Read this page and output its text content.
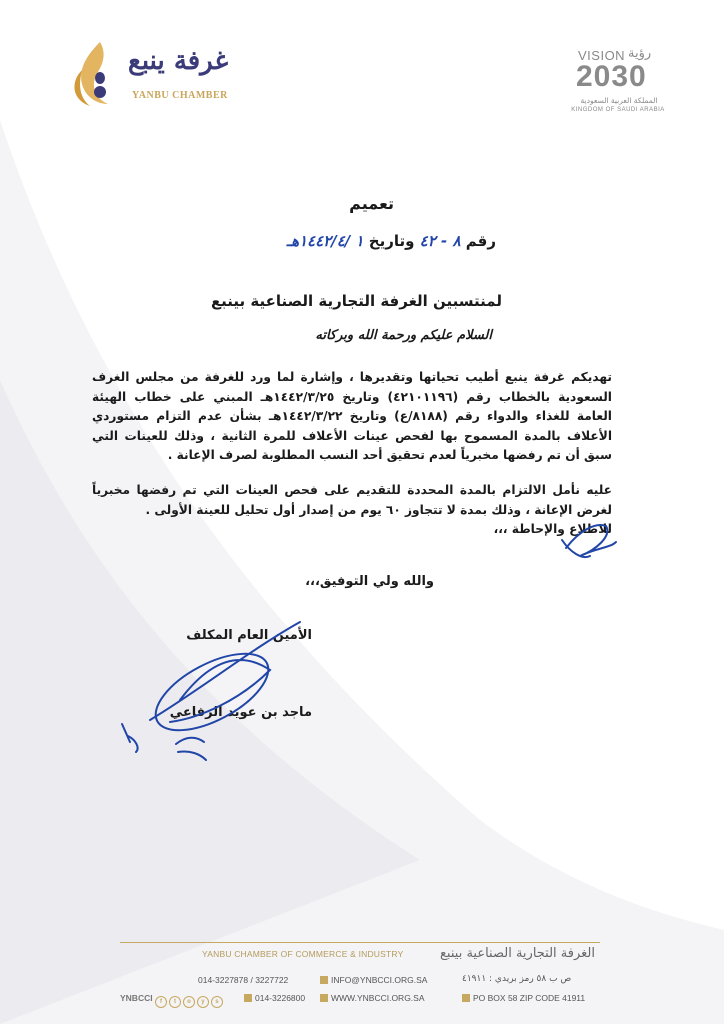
غرفة ينبع
YANBU CHAMBER
VISION رؤية
2030
المملكة العربية السعودية
KINGDOM OF SAUDI ARABIA
تعميم
رقم ٨ - ٤٢ وتاريخ ١ /١٤٤٢/٤هـ
لمنتسبين الغرفة التجارية الصناعية بينبع
السلام عليكم ورحمة الله وبركاته
تهديكم غرفة ينبع أطيب تحياتها وتقديرها ، وإشارة لما ورد للغرفة من مجلس الغرف السعودية بالخطاب رقم (٤٢١٠١١٩٦) وتاريخ ١٤٤٢/٣/٢٥هـ المبني على خطاب الهيئة العامة للغذاء والدواء رقم (٨١٨٨/ع) وتاريخ ١٤٤٢/٣/٢٢هـ بشأن عدم التزام مستوردي الأعلاف بالمدة المسموح بها لفحص عينات الأعلاف للمرة الثانية ، وذلك للعينات التي سبق أن تم رفضها مخبرياً لعدم تحقيق أحد النسب المطلوبة لصرف الإعانة .
عليه نأمل الالتزام بالمدة المحددة للتقديم على فحص العينات التي تم رفضها مخبرياً لغرض الإعانة ، وذلك بمدة لا تتجاوز ٦٠ يوم من إصدار أول تحليل للعينة الأولى .
للاطلاع والإحاطة ،،،
والله ولي التوفيق،،،
الأمين العام المكلف
ماجد بن عويد الرفاعي
YANBU CHAMBER OF COMMERCE & INDUSTRY	الغرفة التجارية الصناعية بينبع
014-3227878 / 3227722	INFO@YNBCCI.ORG.SA	ص ب ٥٨ رمز بريدي : ٤١٩١١
YNBCCI f t o y s	014-3226800	WWW.YNBCCI.ORG.SA	PO BOX 58 ZIP CODE 41911
